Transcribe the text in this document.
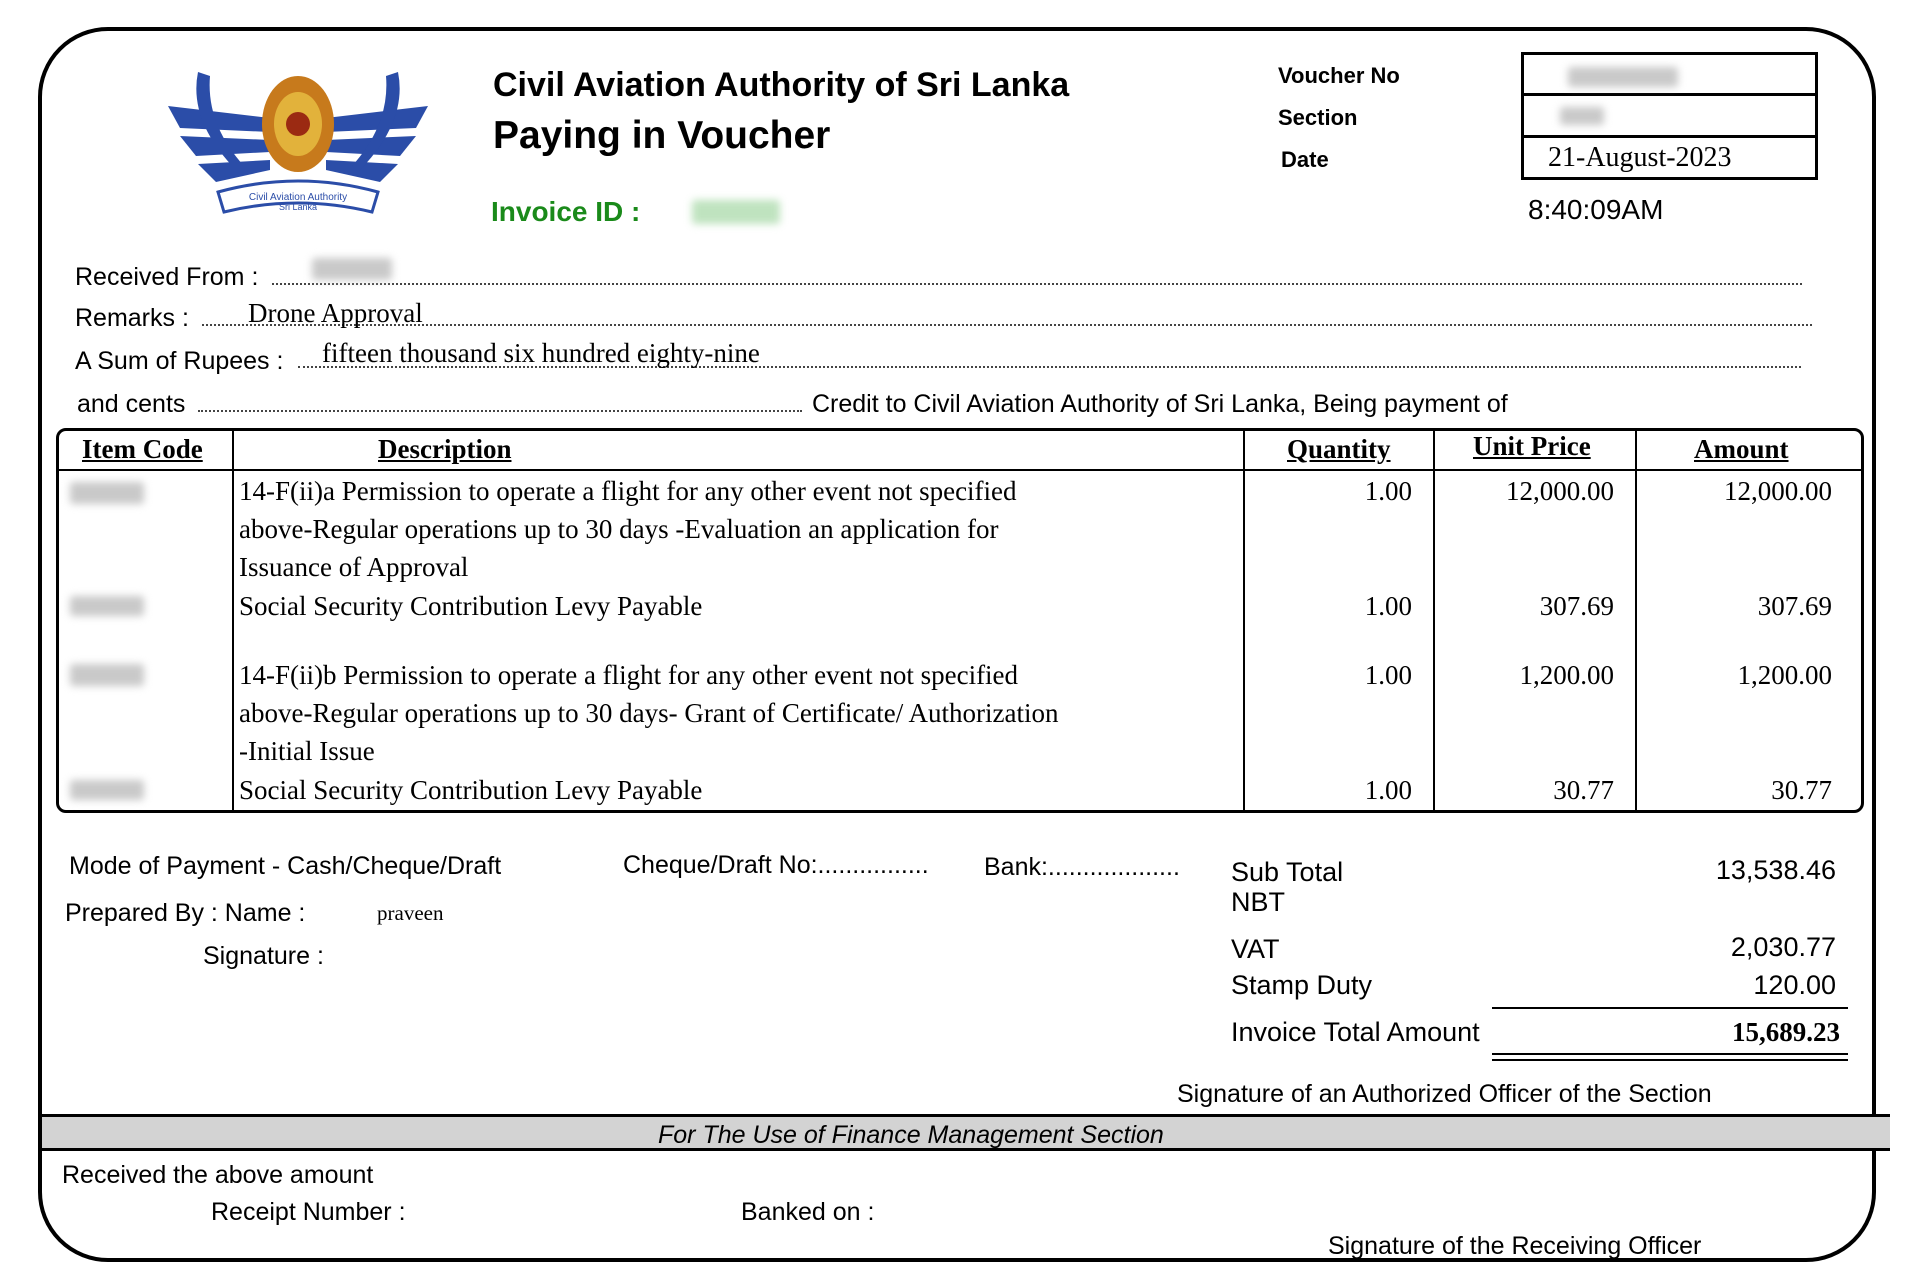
Civil Aviation Authority
Sri Lanka
Civil Aviation Authority of Sri Lanka
Paying in Voucher
Invoice ID :
Voucher No
Section
Date	21-August-2023
8:40:09AM
Received From :
Remarks : Drone Approval
A Sum of Rupees : fifteen thousand six hundred eighty-nine
and cents	Credit to Civil Aviation Authority of Sri Lanka, Being payment of
Item Code	Description	Quantity	Unit Price	Amount
14-F(ii)a Permission to operate a flight for any other event not specified
above-Regular operations up to 30 days -Evaluation an application for
Issuance of Approval
1.00	12,000.00	12,000.00
Social Security Contribution Levy Payable	1.00	307.69	307.69
14-F(ii)b Permission to operate a flight for any other event not specified
above-Regular operations up to 30 days- Grant of Certificate/ Authorization
-Initial Issue
1.00	1,200.00	1,200.00
Social Security Contribution Levy Payable	1.00	30.77	30.77
Mode of Payment - Cash/Cheque/Draft	Cheque/Draft No:................ Bank:...................
Prepared By : Name :	praveen
Signature :
Sub Total	13,538.46
NBT
VAT	2,030.77
Stamp Duty	120.00
Invoice Total Amount	15,689.23
Signature of an Authorized Officer of the Section
For The Use of Finance Management Section
Received the above amount
Receipt Number :	Banked on :
Signature of the Receiving Officer
